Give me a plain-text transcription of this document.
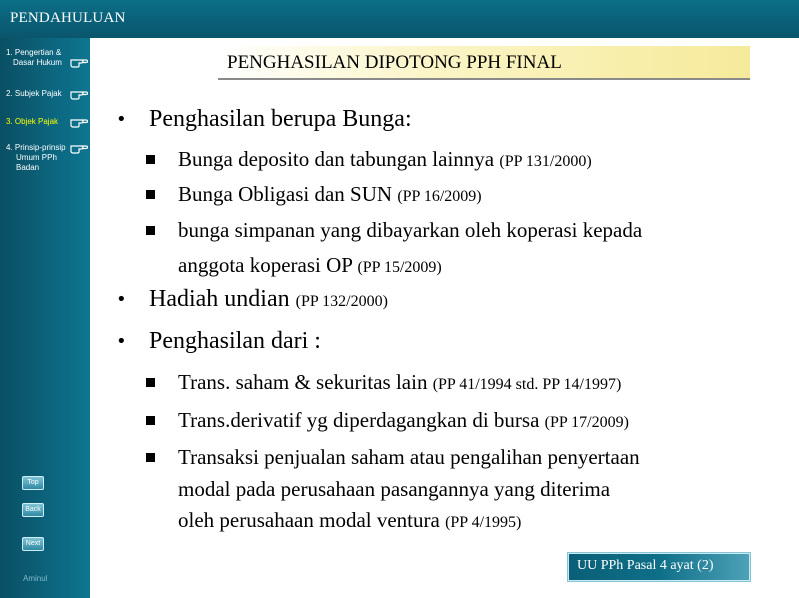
PENDAHULUAN
1. Pengertian &
Dasar Hukum
2. Subjek Pajak
3. Objek Pajak
4. Prinsip-prinsip
Umum PPh
Badan
Top
Back
Next
Aminul
PENGHASILAN DIPOTONG PPH FINAL
• Penghasilan berupa Bunga:
Bunga deposito dan tabungan lainnya (PP 131/2000)
Bunga Obligasi dan SUN (PP 16/2009)
bunga simpanan yang dibayarkan oleh koperasi kepada
anggota koperasi OP (PP 15/2009)
• Hadiah undian (PP 132/2000)
• Penghasilan dari :
Trans. saham & sekuritas lain (PP 41/1994 std. PP 14/1997)
Trans.derivatif yg diperdagangkan di bursa (PP 17/2009)
Transaksi penjualan saham atau pengalihan penyertaan
modal pada perusahaan pasangannya yang diterima
oleh perusahaan modal ventura (PP 4/1995)
UU PPh Pasal 4 ayat (2)
